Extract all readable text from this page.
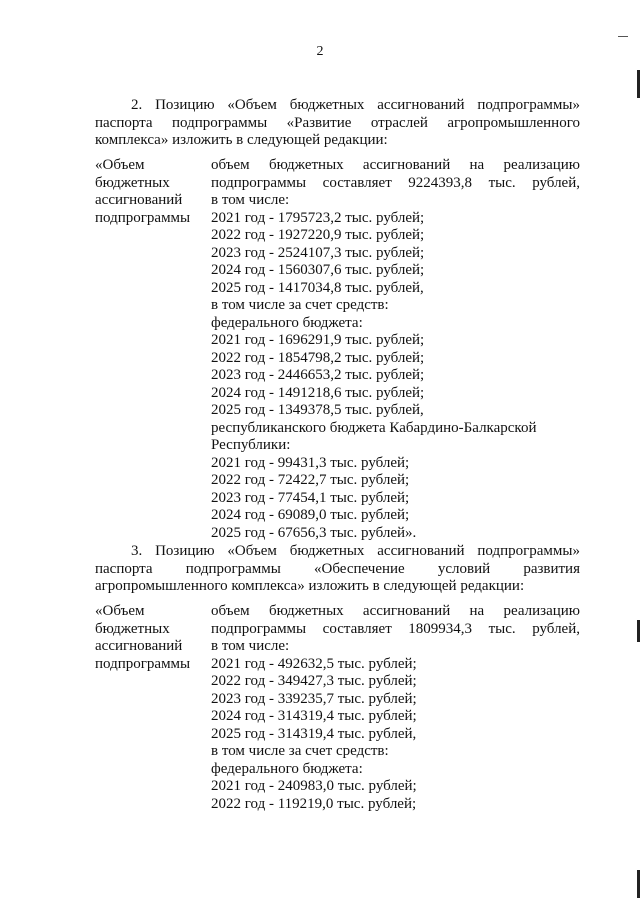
2
2. Позицию «Объем бюджетных ассигнований подпрограммы»
паспорта подпрограммы «Развитие отраслей агропромышленного
комплекса» изложить в следующей редакции:
«Объем
бюджетных
ассигнований
подпрограммы
объем бюджетных ассигнований на реализацию
подпрограммы составляет 9224393,8 тыс. рублей,
в том числе:
2021 год - 1795723,2 тыс. рублей;
2022 год - 1927220,9 тыс. рублей;
2023 год - 2524107,3 тыс. рублей;
2024 год - 1560307,6 тыс. рублей;
2025 год - 1417034,8 тыс. рублей,
в том числе за счет средств:
федерального бюджета:
2021 год - 1696291,9 тыс. рублей;
2022 год - 1854798,2 тыс. рублей;
2023 год - 2446653,2 тыс. рублей;
2024 год - 1491218,6 тыс. рублей;
2025 год - 1349378,5 тыс. рублей,
республиканского бюджета Кабардино-Балкарской
Республики:
2021 год - 99431,3 тыс. рублей;
2022 год - 72422,7 тыс. рублей;
2023 год - 77454,1 тыс. рублей;
2024 год - 69089,0 тыс. рублей;
2025 год - 67656,3 тыс. рублей».
3. Позицию «Объем бюджетных ассигнований подпрограммы»
паспорта подпрограммы «Обеспечение условий развития
агропромышленного комплекса» изложить в следующей редакции:
«Объем
бюджетных
ассигнований
подпрограммы
объем бюджетных ассигнований на реализацию
подпрограммы составляет 1809934,3 тыс. рублей,
в том числе:
2021 год - 492632,5 тыс. рублей;
2022 год - 349427,3 тыс. рублей;
2023 год - 339235,7 тыс. рублей;
2024 год - 314319,4 тыс. рублей;
2025 год - 314319,4 тыс. рублей,
в том числе за счет средств:
федерального бюджета:
2021 год - 240983,0 тыс. рублей;
2022 год - 119219,0 тыс. рублей;
